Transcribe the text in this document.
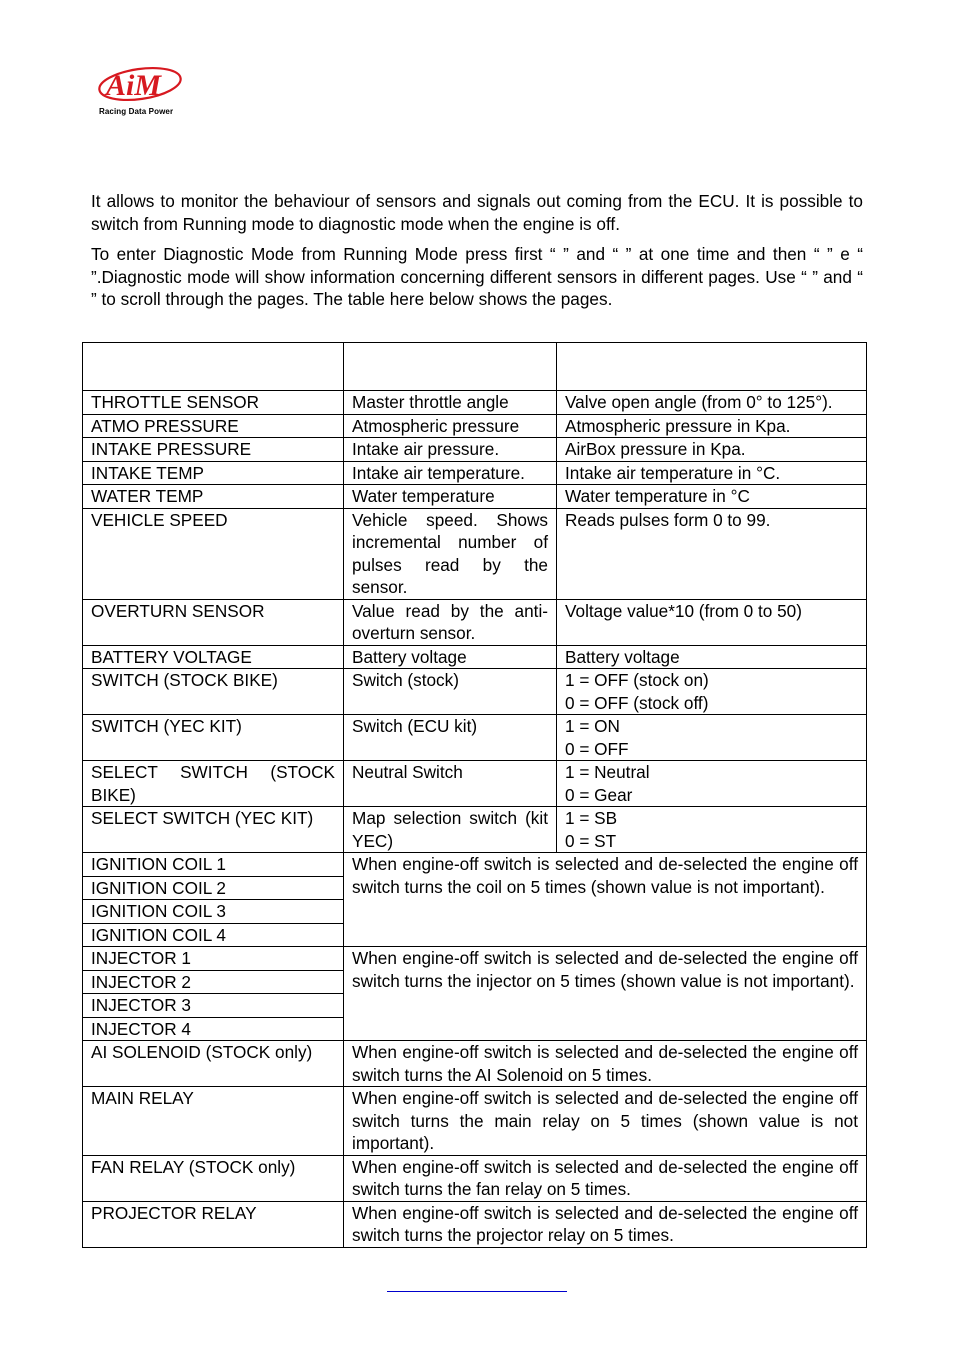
AiM
Racing Data Power

It allows to monitor the behaviour of sensors and signals out coming from the ECU. It is possible to switch from Running mode to diagnostic mode when the engine is off.

To enter Diagnostic Mode from Running Mode press first “ ” and “ ” at one time and then “ ” e “ ”.Diagnostic mode will show information concerning different sensors in different pages. Use “ ” and “ ” to scroll through the pages. The table here below shows the pages.

THROTTLE SENSOR	Master throttle angle	Valve open angle (from 0° to 125°).
ATMO PRESSURE	Atmospheric pressure	Atmospheric pressure in Kpa.
INTAKE PRESSURE	Intake air pressure.	AirBox pressure in Kpa.
INTAKE TEMP	Intake air temperature.	Intake air temperature in °C.
WATER TEMP	Water temperature	Water temperature in °C
VEHICLE SPEED	Vehicle speed. Shows incremental number of pulses read by the sensor.	Reads pulses form 0 to 99.
OVERTURN SENSOR	Value read by the anti-overturn sensor.	Voltage value*10 (from 0 to 50)
BATTERY VOLTAGE	Battery voltage	Battery voltage
SWITCH (STOCK BIKE)	Switch (stock)	1 = OFF (stock on)
0 = OFF (stock off)

SWITCH (YEC KIT)	Switch (ECU kit)	1 = ON
0 = OFF

SELECT SWITCH (STOCK BIKE)	Neutral Switch	1 = Neutral
0 = Gear

SELECT SWITCH (YEC KIT)	Map selection switch (kit YEC)	1 = SB
0 = ST

IGNITION COIL 1	When engine-off switch is selected and de-selected the engine off switch turns the coil on 5 times (shown value is not important).	
IGNITION COIL 2		
IGNITION COIL 3		
IGNITION COIL 4		
INJECTOR 1	When engine-off switch is selected and de-selected the engine off switch turns the injector on 5 times (shown value is not important).	
INJECTOR 2		
INJECTOR 3		
INJECTOR 4		
AI SOLENOID (STOCK only)	When engine-off switch is selected and de-selected the engine off switch turns the AI Solenoid on 5 times.	
MAIN RELAY	When engine-off switch is selected and de-selected the engine off switch turns the main relay on 5 times (shown value is not important).	
FAN RELAY (STOCK only)	When engine-off switch is selected and de-selected the engine off switch turns the fan relay on 5 times.	
PROJECTOR RELAY	When engine-off switch is selected and de-selected the engine off switch turns the projector relay on 5 times.	
